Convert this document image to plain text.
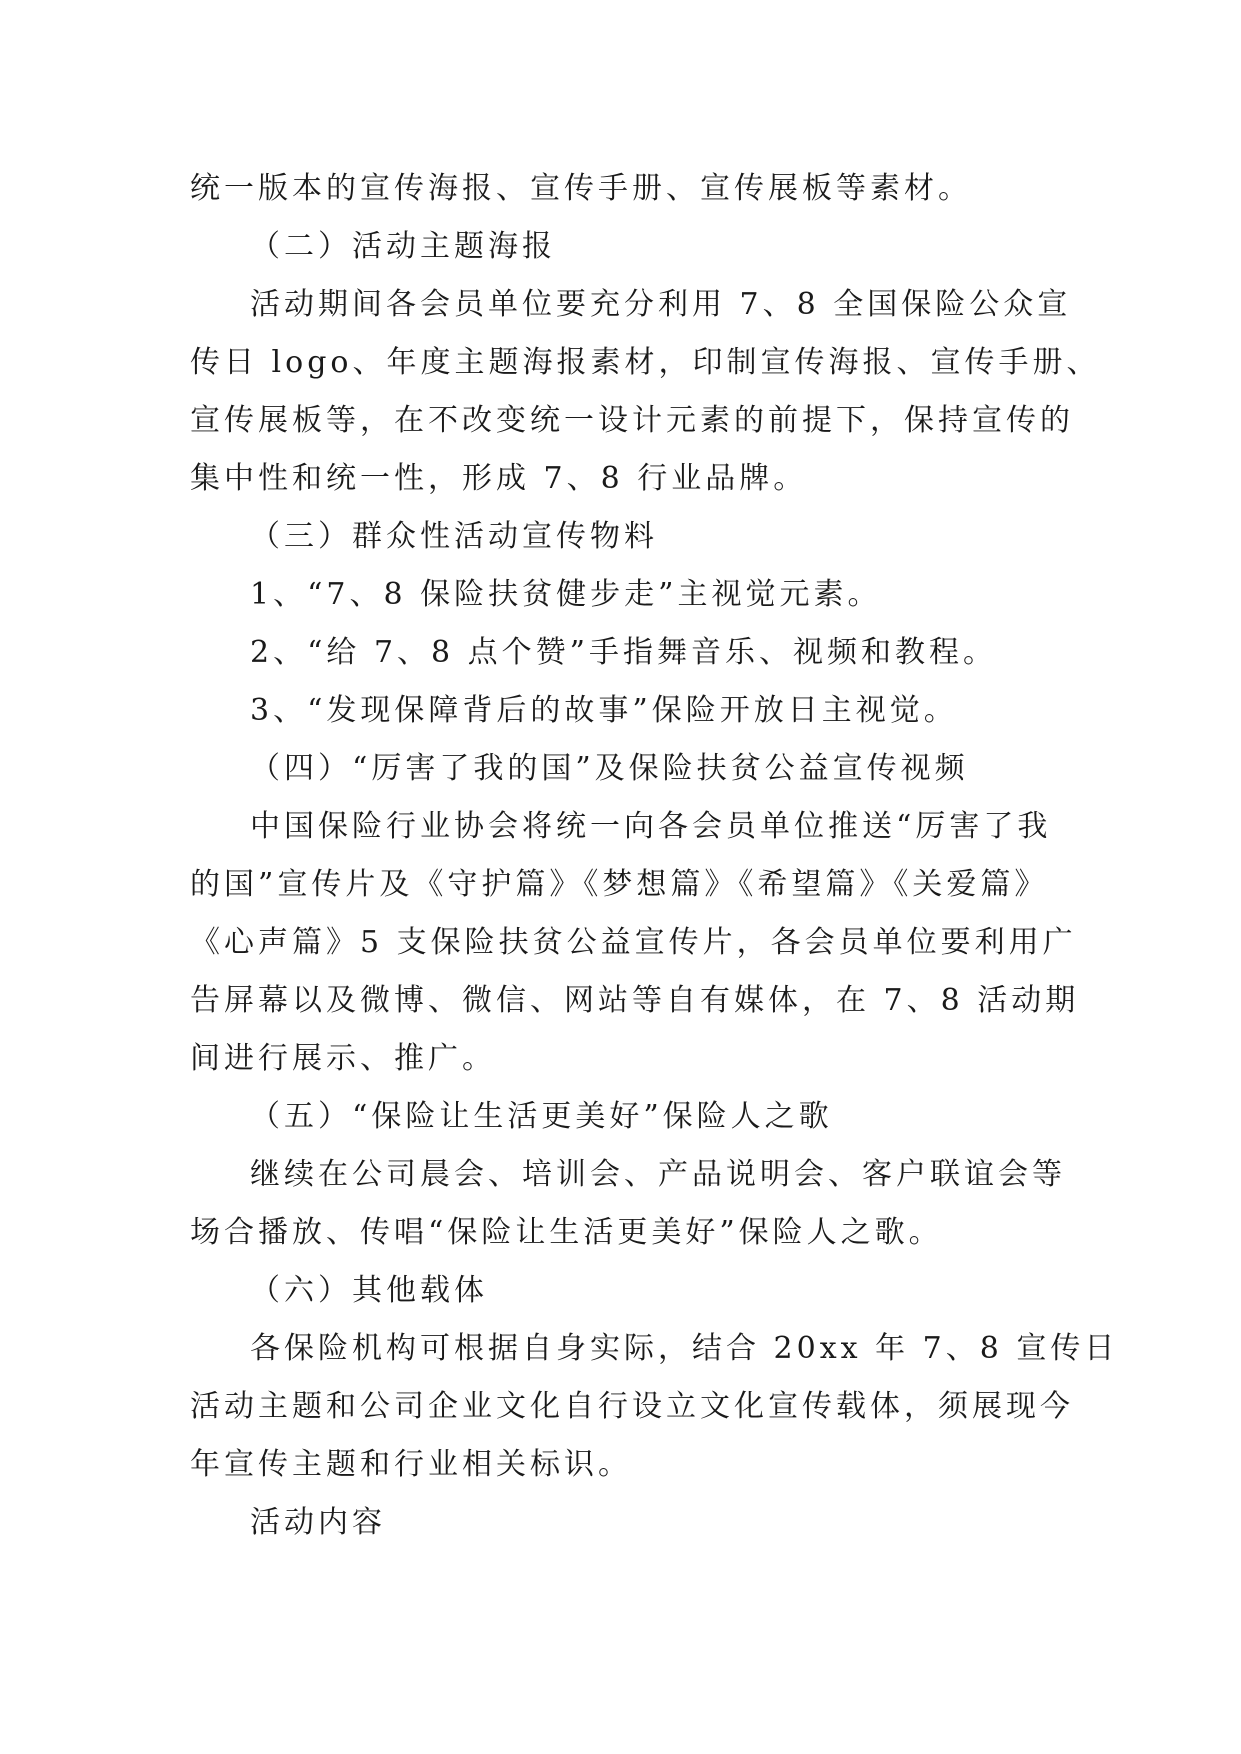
统一版本的宣传海报、宣传手册、宣传展板等素材。
（二）活动主题海报
活动期间各会员单位要充分利用 7、8 全国保险公众宣
传日 logo、年度主题海报素材，印制宣传海报、宣传手册、
宣传展板等，在不改变统一设计元素的前提下，保持宣传的
集中性和统一性，形成 7、8 行业品牌。
（三）群众性活动宣传物料
1、“7、8 保险扶贫健步走”主视觉元素。
2、“给 7、8 点个赞”手指舞音乐、视频和教程。
3、“发现保障背后的故事”保险开放日主视觉。
（四）“厉害了我的国”及保险扶贫公益宣传视频
中国保险行业协会将统一向各会员单位推送“厉害了我
的国”宣传片及《守护篇》《梦想篇》《希望篇》《关爱篇》
《心声篇》5 支保险扶贫公益宣传片，各会员单位要利用广
告屏幕以及微博、微信、网站等自有媒体，在 7、8 活动期
间进行展示、推广。
（五）“保险让生活更美好”保险人之歌
继续在公司晨会、培训会、产品说明会、客户联谊会等
场合播放、传唱“保险让生活更美好”保险人之歌。
（六）其他载体
各保险机构可根据自身实际，结合 20xx 年 7、8 宣传日
活动主题和公司企业文化自行设立文化宣传载体，须展现今
年宣传主题和行业相关标识。
活动内容
